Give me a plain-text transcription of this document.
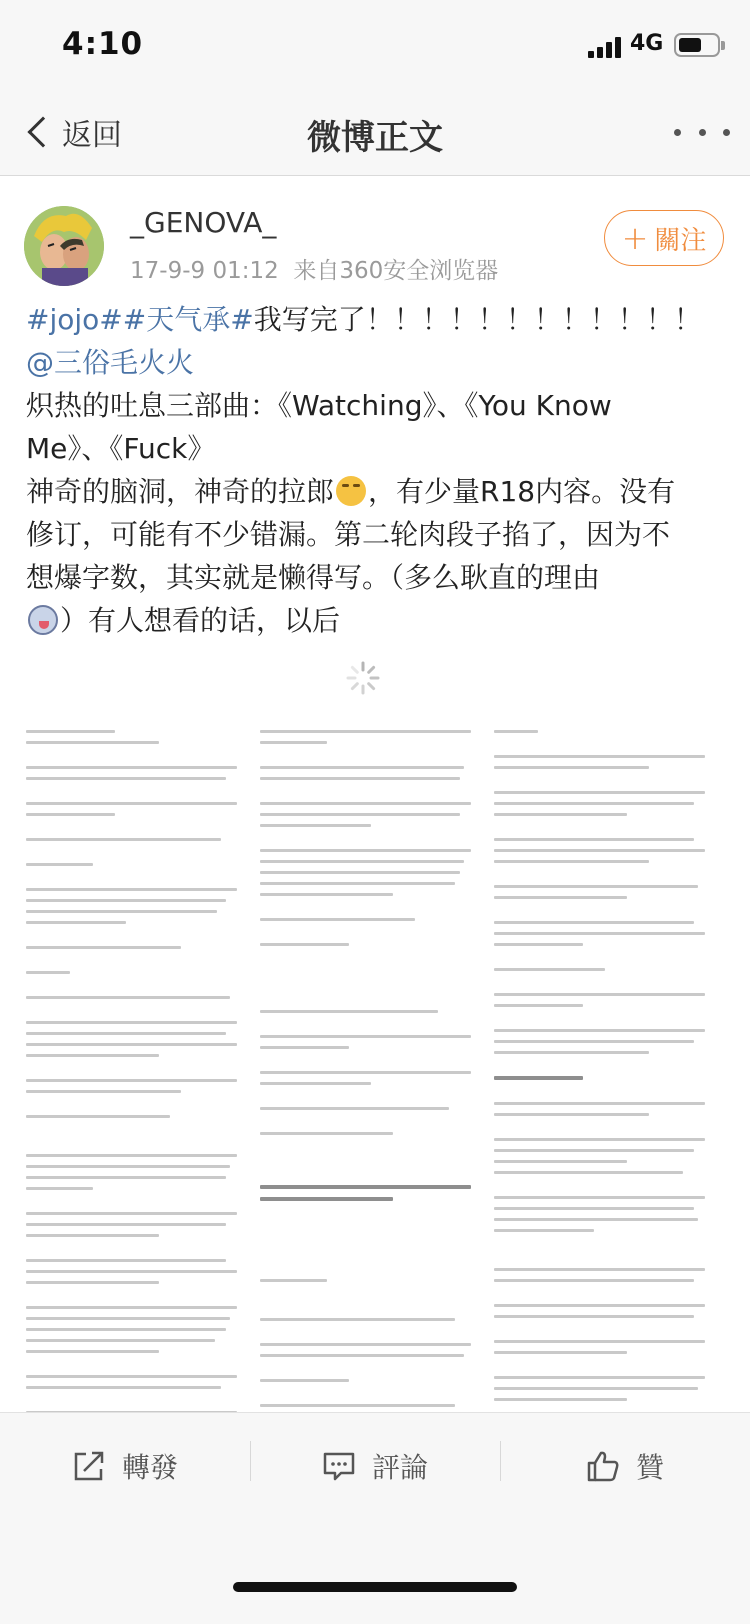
4:10	4G
返回	微博正文
_GENOVA_
17-9-9 01:12 来自360安全浏览器
+ 關注

#jojo##天气承#我写完了！！！！！！！！！！！！

@三俗毛火火

炽热的吐息三部曲：《Watching》、《You Know

Me》、《Fuck》

神奇的脑洞，神奇的拉郎 ，有少量R18内容。没有

修订，可能有不少错漏。第二轮肉段子掐了，因为不

想爆字数，其实就是懒得写。（多么耿直的理由

）有人想看的话，以后

轉發	評論	贊
